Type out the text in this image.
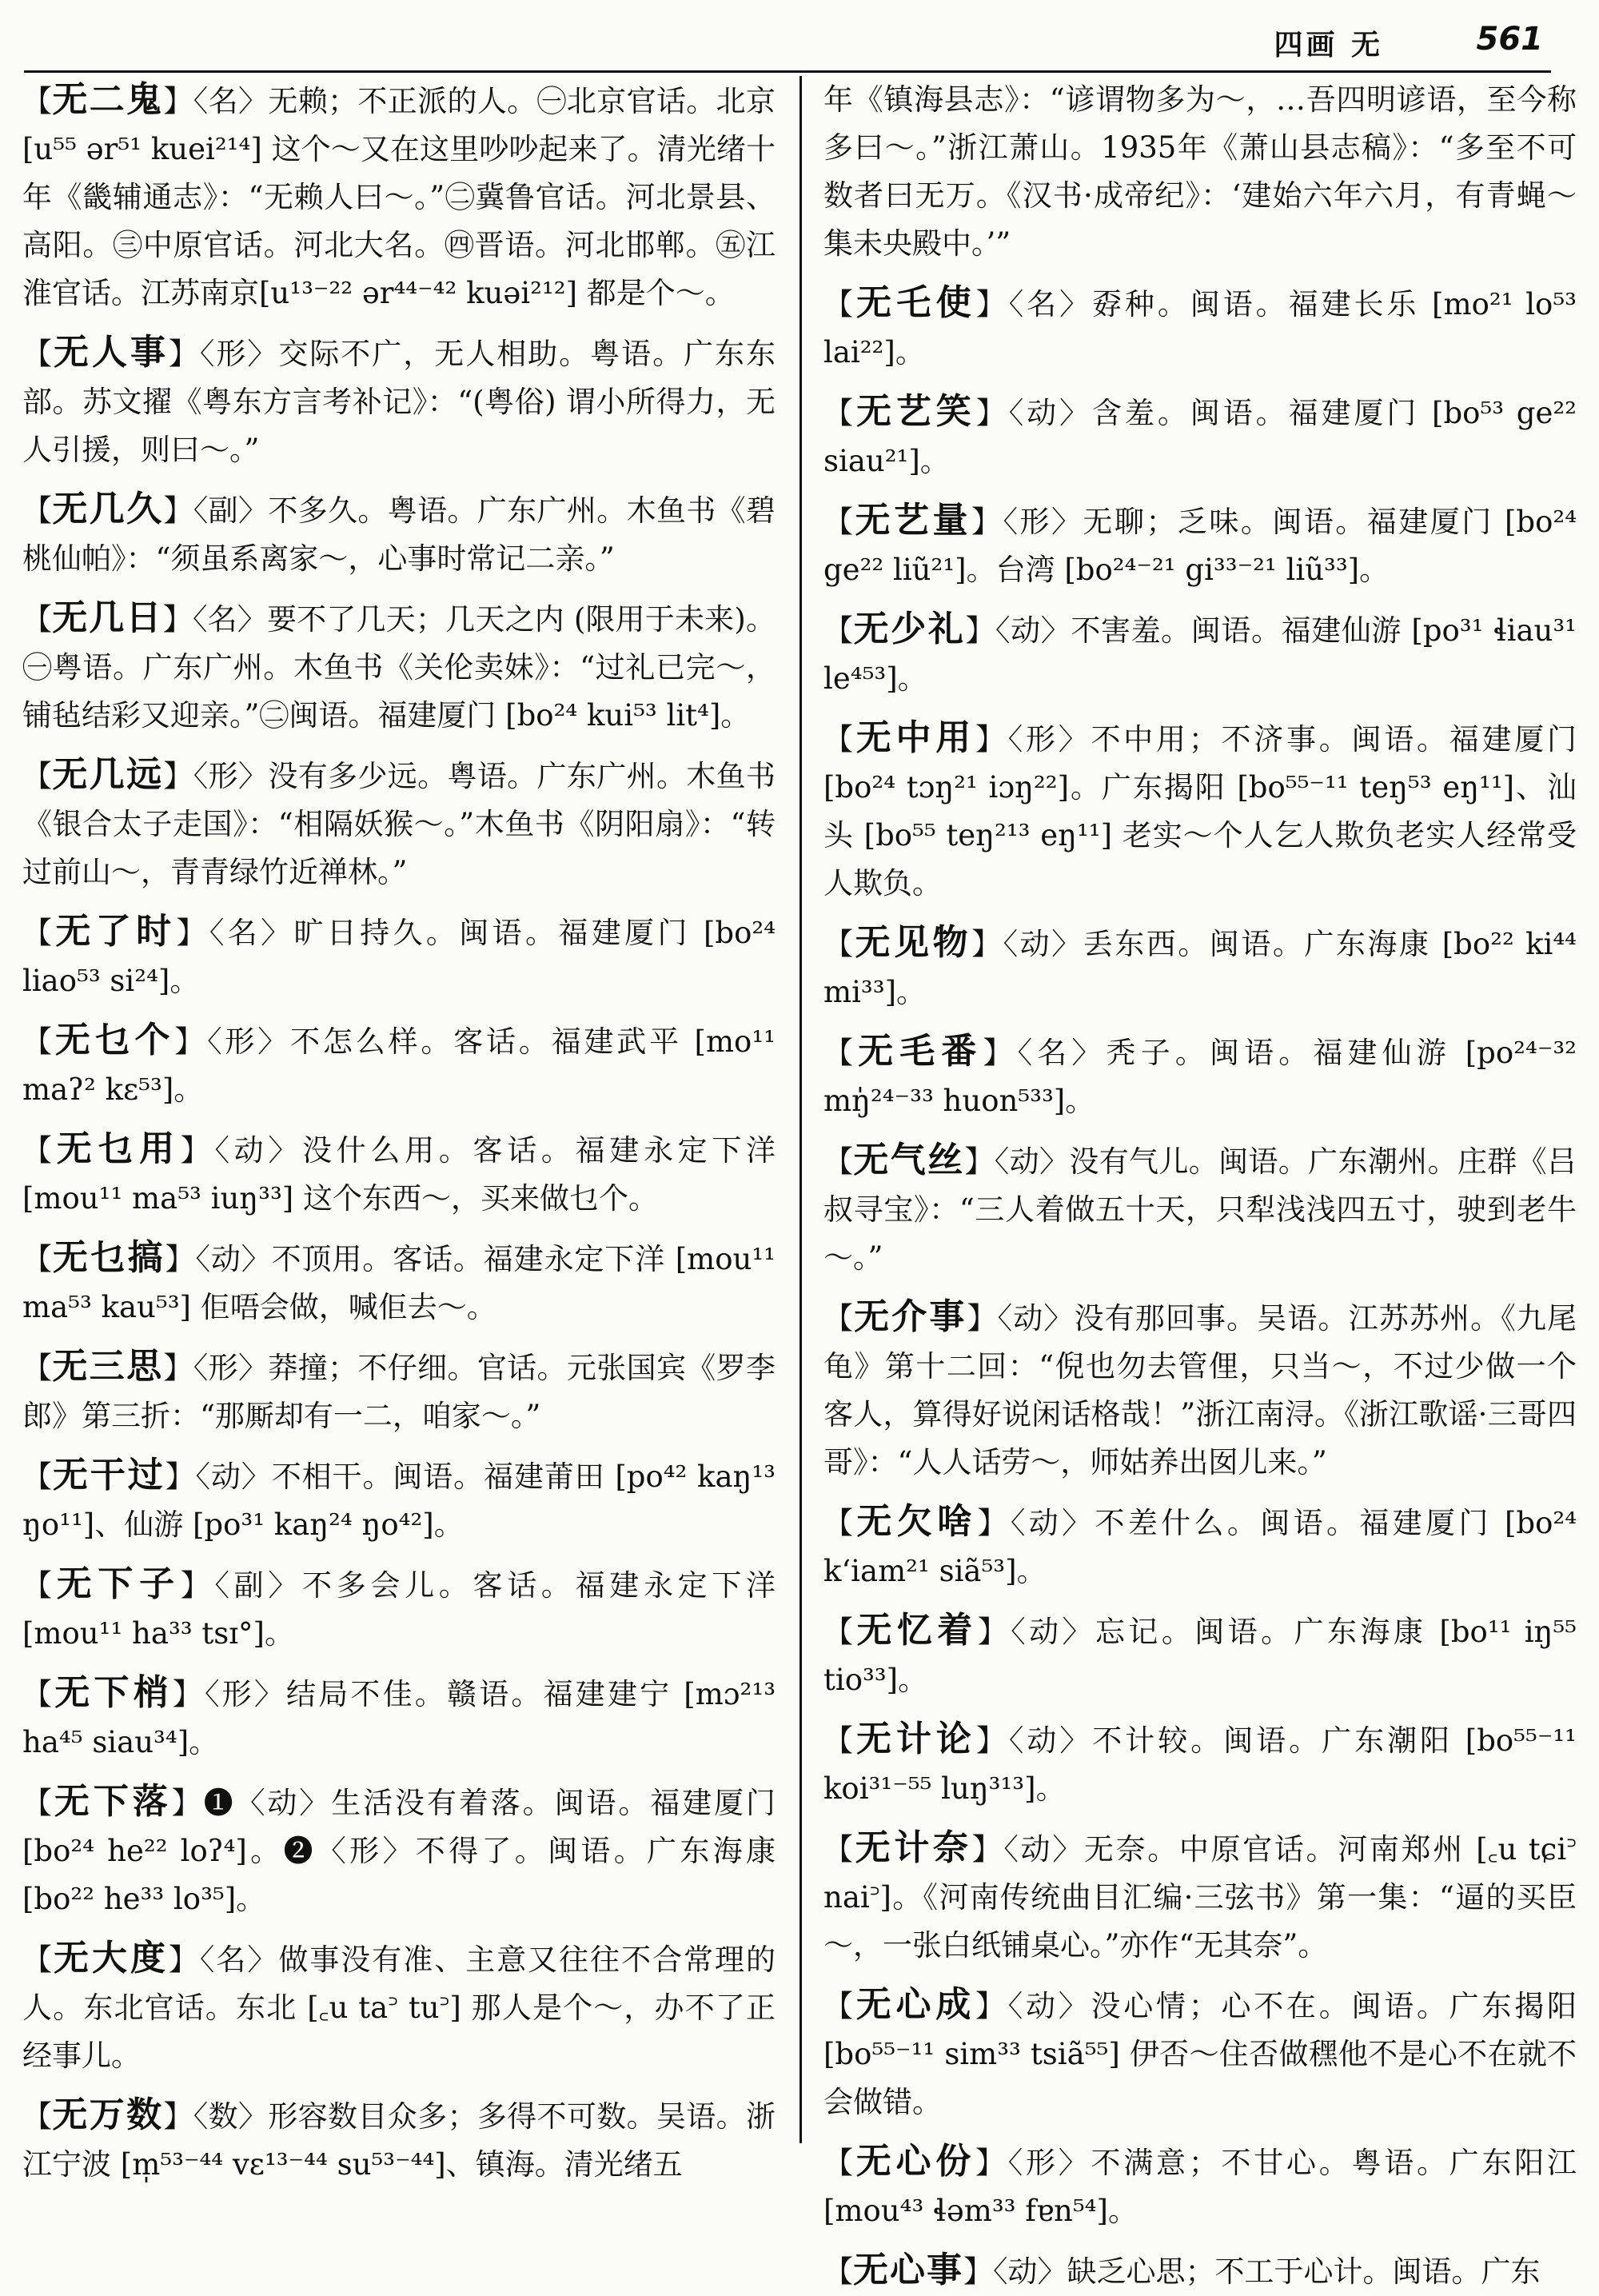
四画 无	561

【无二鬼】〈名〉无赖；不正派的人。㊀北京官话。北京 [u⁵⁵ ər⁵¹ kuei²¹⁴] 这个～又在这里吵吵起来了。清光绪十年《畿辅通志》：“无赖人曰～。”㊁冀鲁官话。河北景县、高阳。㊂中原官话。河北大名。㊃晋语。河北邯郸。㊄江淮官话。江苏南京[u¹³⁻²² ər⁴⁴⁻⁴² kuəi²¹²] 都是个～。

【无人事】〈形〉交际不广，无人相助。粤语。广东东部。苏文擢《粤东方言考补记》：“(粤俗) 谓小所得力，无人引援，则曰～。”

【无几久】〈副〉不多久。粤语。广东广州。木鱼书《碧桃仙帕》：“须虽系离家～，心事时常记二亲。”

【无几日】〈名〉要不了几天；几天之内 (限用于未来)。㊀粤语。广东广州。木鱼书《关伦卖妹》：“过礼已完～，铺毡结彩又迎亲。”㊁闽语。福建厦门 [bo²⁴ kui⁵³ lit⁴]。

【无几远】〈形〉没有多少远。粤语。广东广州。木鱼书《银合太子走国》：“相隔妖猴～。”木鱼书《阴阳扇》：“转过前山～，青青绿竹近禅林。”

【无了时】〈名〉旷日持久。闽语。福建厦门 [bo²⁴ liao⁵³ si²⁴]。

【无乜个】〈形〉不怎么样。客话。福建武平 [mo¹¹ maʔ² kɛ⁵³]。

【无乜用】〈动〉没什么用。客话。福建永定下洋 [mou¹¹ ma⁵³ iuŋ³³] 这个东西～，买来做乜个。

【无乜搞】〈动〉不顶用。客话。福建永定下洋 [mou¹¹ ma⁵³ kau⁵³] 佢唔会做，喊佢去～。

【无三思】〈形〉莽撞；不仔细。官话。元张国宾《罗李郎》第三折：“那厮却有一二，咱家～。”

【无干过】〈动〉不相干。闽语。福建莆田 [po⁴² kaŋ¹³ ŋo¹¹]、仙游 [po³¹ kaŋ²⁴ ŋo⁴²]。

【无下子】〈副〉不多会儿。客话。福建永定下洋 [mou¹¹ ha³³ tsɪ°]。

【无下梢】〈形〉结局不佳。赣语。福建建宁 [mɔ²¹³ ha⁴⁵ siau³⁴]。

【无下落】❶〈动〉生活没有着落。闽语。福建厦门 [bo²⁴ he²² loʔ⁴]。❷〈形〉不得了。闽语。广东海康 [bo²² he³³ lo³⁵]。

【无大度】〈名〉做事没有准、主意又往往不合常理的人。东北官话。东北 [꜀u ta꜄ tu꜄] 那人是个～，办不了正经事儿。

【无万数】〈数〉形容数目众多；多得不可数。吴语。浙江宁波 [m̩⁵³⁻⁴⁴ vɛ¹³⁻⁴⁴ su⁵³⁻⁴⁴]、镇海。清光绪五

年《镇海县志》：“谚谓物多为～，…吾四明谚语，至今称多曰～。”浙江萧山。1935年《萧山县志稿》：“多至不可数者曰无万。《汉书·成帝纪》：‘建始六年六月，有青蝇～集未央殿中。’”

【无乇使】〈名〉孬种。闽语。福建长乐 [mo²¹ lo⁵³ lai²²]。

【无艺笑】〈动〉含羞。闽语。福建厦门 [bo⁵³ ge²² siau²¹]。

【无艺量】〈形〉无聊；乏味。闽语。福建厦门 [bo²⁴ ge²² liũ²¹]。台湾 [bo²⁴⁻²¹ gi³³⁻²¹ liũ³³]。

【无少礼】〈动〉不害羞。闽语。福建仙游 [po³¹ ɬiau³¹ le⁴⁵³]。

【无中用】〈形〉不中用；不济事。闽语。福建厦门 [bo²⁴ tɔŋ²¹ iɔŋ²²]。广东揭阳 [bo⁵⁵⁻¹¹ teŋ⁵³ eŋ¹¹]、汕头 [bo⁵⁵ teŋ²¹³ eŋ¹¹] 老实～个人乞人欺负老实人经常受人欺负。

【无见物】〈动〉丢东西。闽语。广东海康 [bo²² ki⁴⁴ mi³³]。

【无毛番】〈名〉秃子。闽语。福建仙游 [po²⁴⁻³² mŋ̍²⁴⁻³³ huon⁵³³]。

【无气丝】〈动〉没有气儿。闽语。广东潮州。庄群《吕叔寻宝》：“三人着做五十天，只犁浅浅四五寸，驶到老牛～。”

【无介事】〈动〉没有那回事。吴语。江苏苏州。《九尾龟》第十二回：“倪也勿去管俚，只当～，不过少做一个客人，算得好说闲话格哉！”浙江南浔。《浙江歌谣·三哥四哥》：“人人话劳～，师姑养出囡儿来。”

【无欠啥】〈动〉不差什么。闽语。福建厦门 [bo²⁴ kʻiam²¹ siã⁵³]。

【无忆着】〈动〉忘记。闽语。广东海康 [bo¹¹ iŋ⁵⁵ tio³³]。

【无计论】〈动〉不计较。闽语。广东潮阳 [bo⁵⁵⁻¹¹ koi³¹⁻⁵⁵ luŋ³¹³]。

【无计奈】〈动〉无奈。中原官话。河南郑州 [꜀u tɕi꜄ nai꜄]。《河南传统曲目汇编·三弦书》第一集：“逼的买臣～，一张白纸铺桌心。”亦作“无其奈”。

【无心成】〈动〉没心情；心不在。闽语。广东揭阳 [bo⁵⁵⁻¹¹ sim³³ tsiã⁵⁵] 伊否～住否做䆀他不是心不在就不会做错。

【无心份】〈形〉不满意；不甘心。粤语。广东阳江 [mou⁴³ ɬəm³³ fɐn⁵⁴]。

【无心事】〈动〉缺乏心思；不工于心计。闽语。广东
